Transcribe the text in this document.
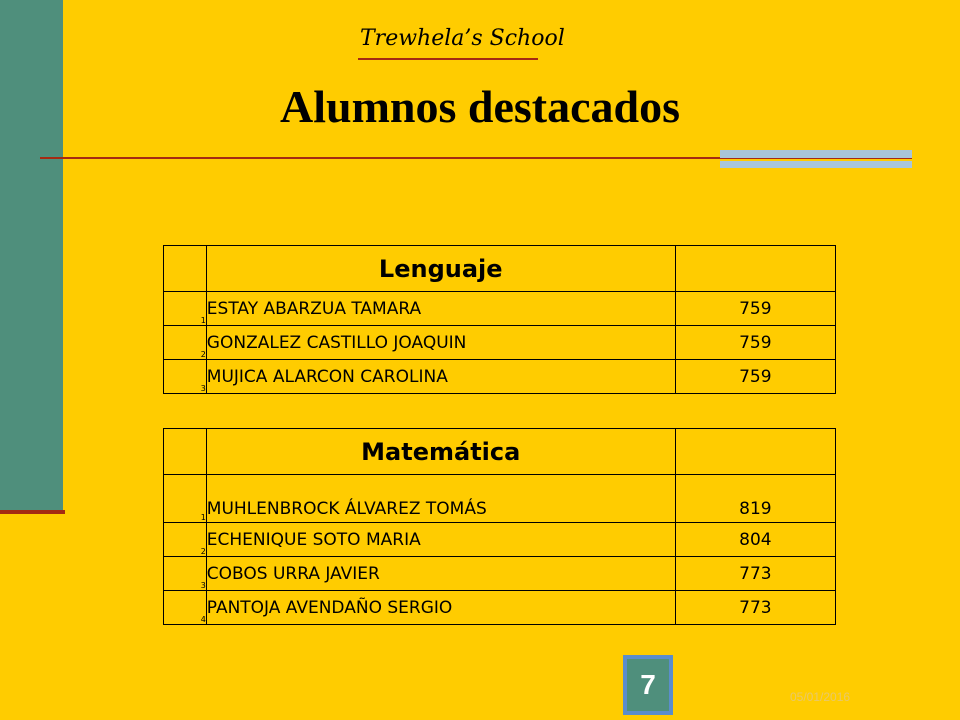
Trewhela’s School
Alumnos destacados
	Lenguaje	
1	ESTAY ABARZUA TAMARA	759
2	GONZALEZ CASTILLO JOAQUIN	759
3	MUJICA ALARCON CAROLINA	759
	Matemática	
1	MUHLENBROCK ÁLVAREZ TOMÁS	819
2	ECHENIQUE SOTO MARIA	804
3	COBOS URRA JAVIER	773
4	PANTOJA AVENDAÑO SERGIO	773
7	05/01/2016
